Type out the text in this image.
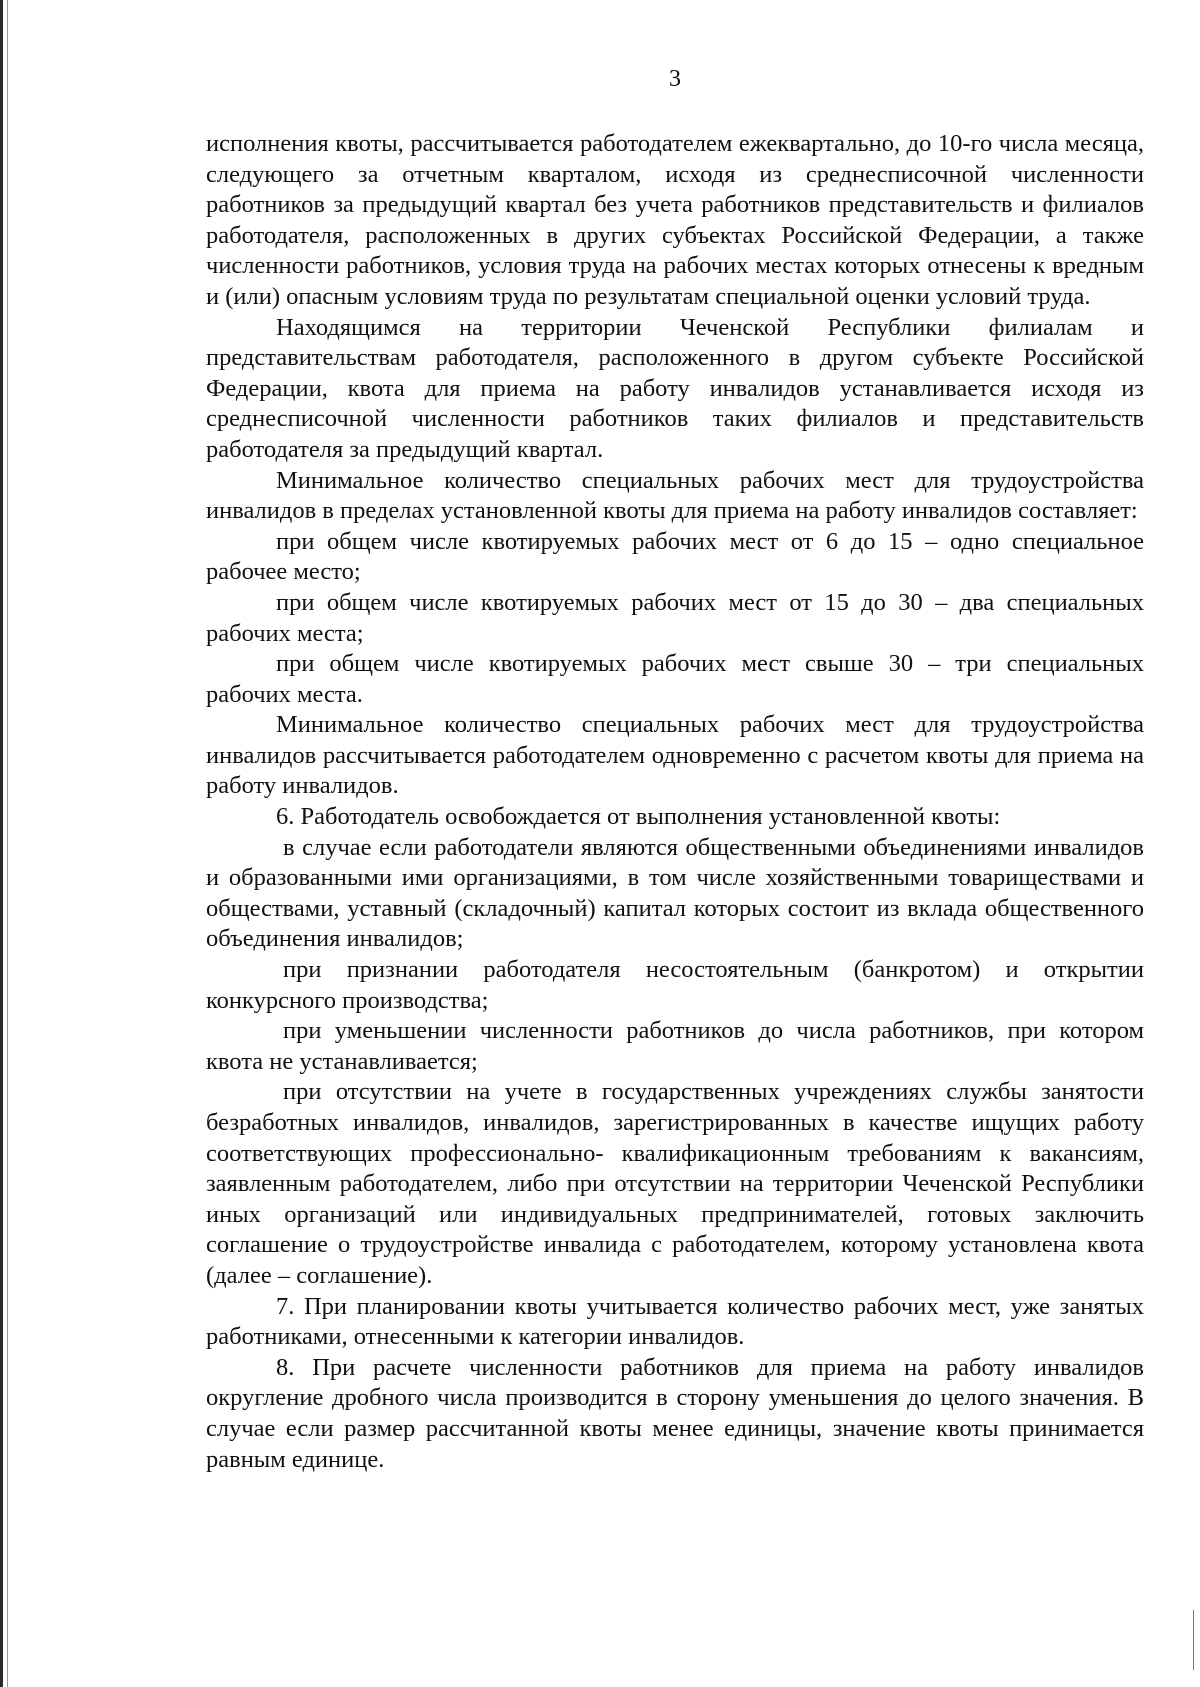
3

исполнения квоты, рассчитывается работодателем ежеквартально, до 10-го числа месяца, следующего за отчетным кварталом, исходя из среднесписочной численности работников за предыдущий квартал без учета работников представительств и филиалов работодателя, расположенных в других субъектах Российской Федерации, а также численности работников, условия труда на рабочих местах которых отнесены к вредным и (или) опасным условиям труда по результатам специальной оценки условий труда.

Находящимся на территории Чеченской Республики филиалам и представительствам работодателя, расположенного в другом субъекте Российской Федерации, квота для приема на работу инвалидов устанавливается исходя из среднесписочной численности работников таких филиалов и представительств работодателя за предыдущий квартал.

Минимальное количество специальных рабочих мест для трудоустройства инвалидов в пределах установленной квоты для приема на работу инвалидов составляет:

при общем числе квотируемых рабочих мест от 6 до 15 – одно специальное рабочее место;

при общем числе квотируемых рабочих мест от 15 до 30 – два специальных рабочих места;

при общем числе квотируемых рабочих мест свыше 30 – три специальных рабочих места.

Минимальное количество специальных рабочих мест для трудоустройства инвалидов рассчитывается работодателем одновременно с расчетом квоты для приема на работу инвалидов.

6. Работодатель освобождается от выполнения установленной квоты:

в случае если работодатели являются общественными объединениями инвалидов и образованными ими организациями, в том числе хозяйственными товариществами и обществами, уставный (складочный) капитал которых состоит из вклада общественного объединения инвалидов;

при признании работодателя несостоятельным (банкротом) и открытии конкурсного производства;

при уменьшении численности работников до числа работников, при котором квота не устанавливается;

при отсутствии на учете в государственных учреждениях службы занятости безработных инвалидов, инвалидов, зарегистрированных в качестве ищущих работу соответствующих профессионально- квалификационным требованиям к вакансиям, заявленным работодателем, либо при отсутствии на территории Чеченской Республики иных организаций или индивидуальных предпринимателей, готовых заключить соглашение о трудоустройстве инвалида с работодателем, которому установлена квота (далее – соглашение).

7. При планировании квоты учитывается количество рабочих мест, уже занятых работниками, отнесенными к категории инвалидов.

8. При расчете численности работников для приема на работу инвалидов округление дробного числа производится в сторону уменьшения до целого значения. В случае если размер рассчитанной квоты менее единицы, значение квоты принимается равным единице.
